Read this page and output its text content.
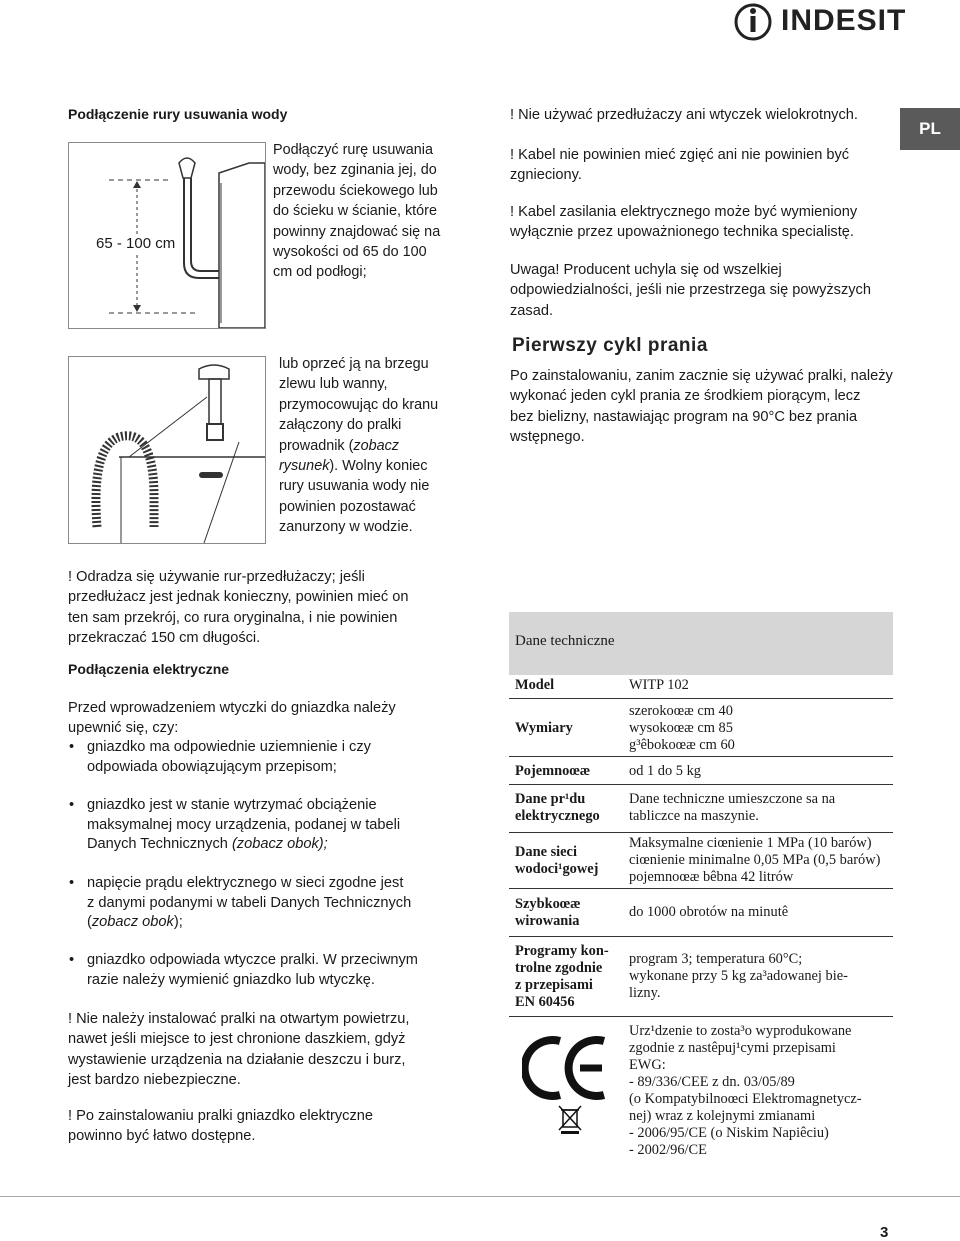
INDESIT
PL
Podłączenie rury usuwania wody
65 - 100 cm
Podłączyć rurę usuwania
wody, bez zginania jej, do
przewodu ściekowego lub
do ścieku w ścianie, które
powinny znajdować się na
wysokości od 65 do 100
cm od podłogi;
lub oprzeć ją na brzegu
zlewu lub wanny,
przymocowując do kranu
załączony do pralki
prowadnik (zobacz
rysunek). Wolny koniec
rury usuwania wody nie
powinien pozostawać
zanurzony w wodzie.
! Odradza się używanie rur-przedłużaczy; jeśli
przedłużacz jest jednak konieczny, powinien mieć on
ten sam przekrój, co rura oryginalna, i nie powinien
przekraczać 150 cm długości.
Podłączenia elektryczne
Przed wprowadzeniem wtyczki do gniazdka należy
upewnić się, czy:
• gniazdko ma odpowiednie uziemnienie i czy
odpowiada obowiązującym przepisom;
• gniazdko jest w stanie wytrzymać obciążenie
maksymalnej mocy urządzenia, podanej w tabeli
Danych Technicznych (zobacz obok);
• napięcie prądu elektrycznego w sieci zgodne jest
z danymi podanymi w tabeli Danych Technicznych
(zobacz obok);
• gniazdko odpowiada wtyczce pralki. W przeciwnym
razie należy wymienić gniazdko lub wtyczkę.
! Nie należy instalować pralki na otwartym powietrzu,
nawet jeśli miejsce to jest chronione daszkiem, gdyż
wystawienie urządzenia na działanie deszczu i burz,
jest bardzo niebezpieczne.
! Po zainstalowaniu pralki gniazdko elektryczne
powinno być łatwo dostępne.
! Nie używać przedłużaczy ani wtyczek wielokrotnych.
! Kabel nie powinien mieć zgięć ani nie powinien być
zgnieciony.
! Kabel zasilania elektrycznego może być wymieniony
wyłącznie przez upoważnionego technika specialistę.
Uwaga! Producent uchyla się od wszelkiej
odpowiedzialności, jeśli nie przestrzega się powyższych
zasad.
Pierwszy cykl prania
Po zainstalowaniu, zanim zacznie się używać pralki, należy
wykonać jeden cykl prania ze środkiem piorącym, lecz
bez bielizny, nastawiając program na 90°C bez prania
wstępnego.
Dane techniczne
Model	WITP 102
Wymiary
szerokoœæ cm 40
wysokoœæ cm 85
g³êbokoœæ cm 60
Pojemnoœæ	od 1 do 5 kg
Dane pr¹du
elektrycznego
Dane techniczne umieszczone sa na
tabliczce na maszynie.
Dane sieci
wodoci¹gowej
Maksymalne ciœnienie 1 MPa (10 barów)
ciœnienie minimalne 0,05 MPa (0,5 barów)
pojemnoœæ bêbna 42 litrów
Szybkoœæ
wirowania
do 1000 obrotów na minutê
Programy kon-
trolne zgodnie
z przepisami
EN 60456
program 3; temperatura 60°C;
wykonane przy 5 kg za³adowanej bie-
lizny.
Urz¹dzenie to zosta³o wyprodukowane
zgodnie z nastêpuj¹cymi przepisami
EWG:
- 89/336/CEE z dn. 03/05/89
(o Kompatybilnoœci Elektromagnetycz-
nej) wraz z kolejnymi zmianami
- 2006/95/CE (o Niskim Napiêciu)
- 2002/96/CE
3
